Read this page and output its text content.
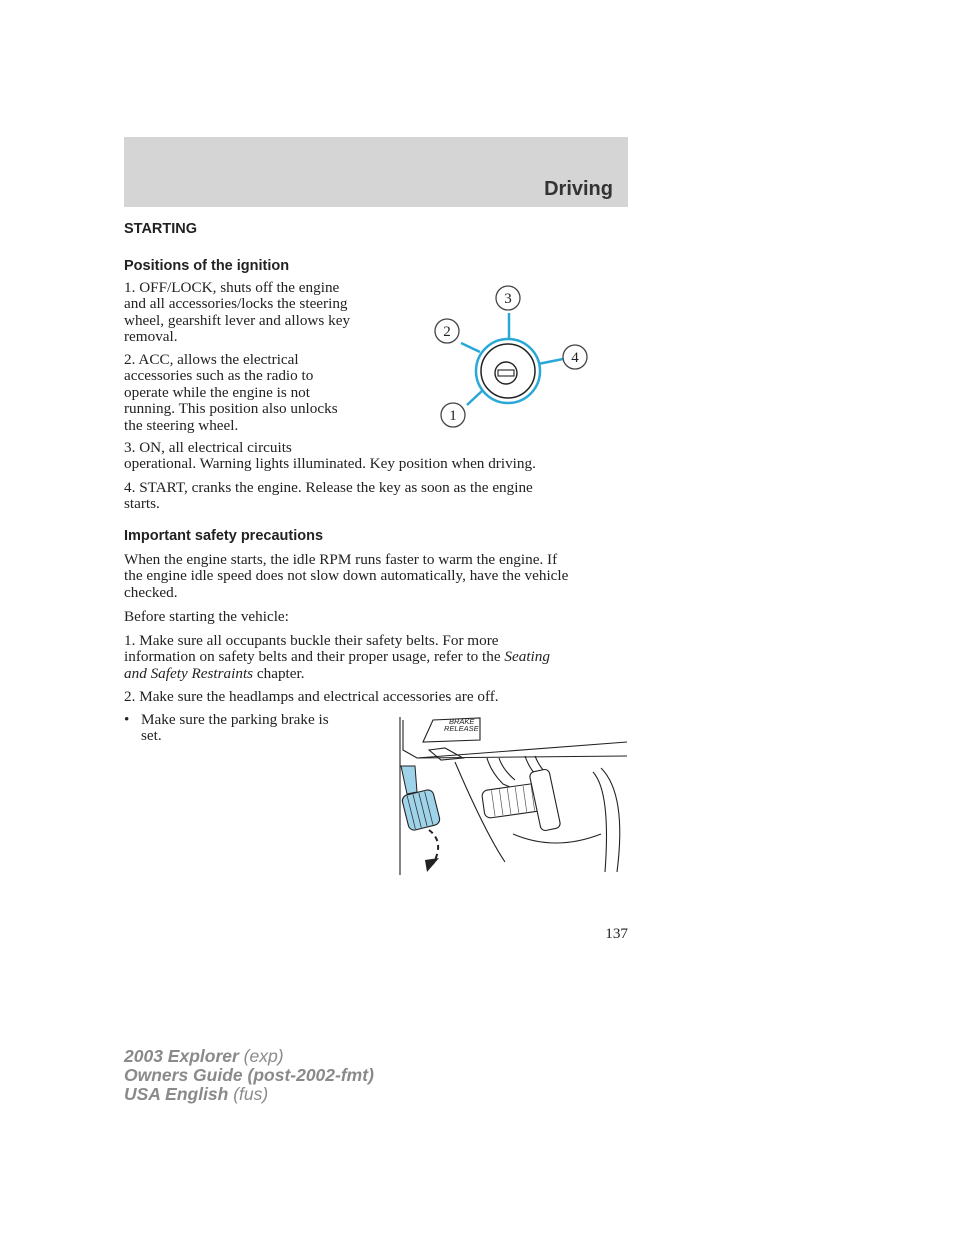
Driving
STARTING
Positions of the ignition
1. OFF/LOCK, shuts off the engine
and all accessories/locks the steering
wheel, gearshift lever and allows key
removal.
2. ACC, allows the electrical
accessories such as the radio to
operate while the engine is not
running. This position also unlocks
the steering wheel.
3. ON, all electrical circuits
operational. Warning lights illuminated. Key position when driving.
4. START, cranks the engine. Release the key as soon as the engine
starts.
3
2
4
1
Important safety precautions
When the engine starts, the idle RPM runs faster to warm the engine. If
the engine idle speed does not slow down automatically, have the vehicle
checked.
Before starting the vehicle:
1. Make sure all occupants buckle their safety belts. For more
information on safety belts and their proper usage, refer to the Seating
and Safety Restraints chapter.
2. Make sure the headlamps and electrical accessories are off.
• Make sure the parking brake is
set.
BRAKE
RELEASE
137
2003 Explorer (exp)
Owners Guide (post-2002-fmt)
USA English (fus)
